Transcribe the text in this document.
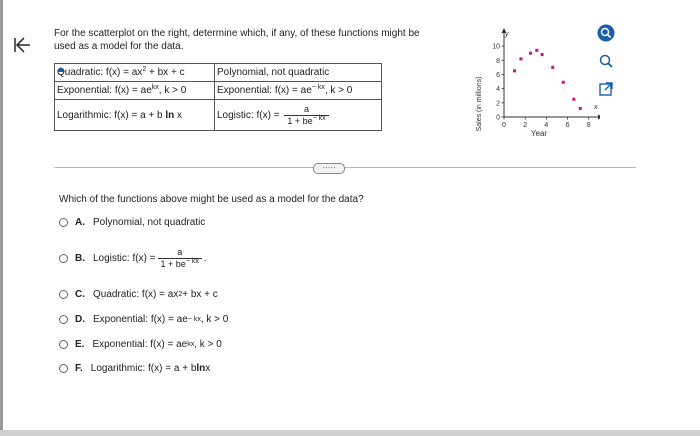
For the scatterplot on the right, determine which, if any, of these functions might be
used as a model for the data.
Quadratic: $f(x) = ax^2$ + bx + c	Polynomial, not quadratic
Exponential: $f(x) = ae^{kx}$, k > 0	Exponential: $f(x) = ae^{- kx}$, k > 0
Logarithmic: f(x) = a + b ln x	Logistic: $f(x) = \frac{a}{1 + be^{- kx}}$
·····
Which of the functions above might be used as a model for the data?
A. Polynomial, not quadratic
B. Logistic: $f(x) = \frac{a}{1 + be^{- kx}}$ .
C. Quadratic: f(x) = ax 2 + bx + c
D. Exponential: f(x) = ae − kx , k > 0
E. Exponential: f(x) = ae kx , k > 0
F. Logarithmic: f(x) = a + b ln x
Sales (in millions)	0 2 4 6 8
0
2
4
6
8
10
Year
x
y
